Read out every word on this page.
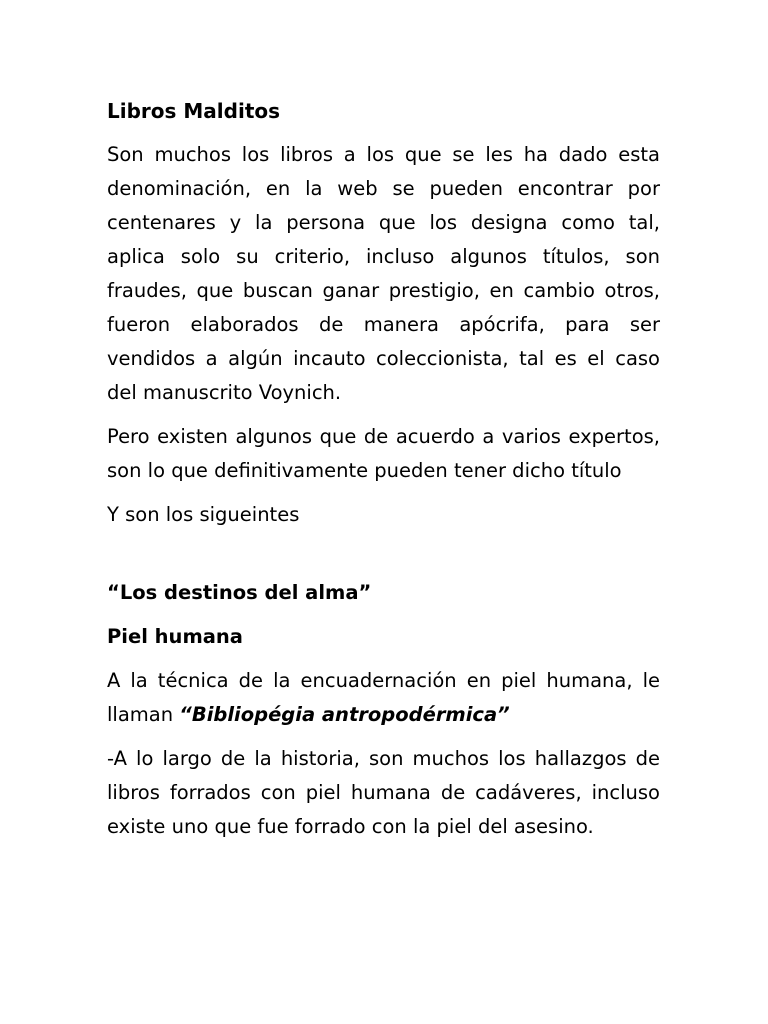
Libros Malditos

Son muchos los libros a los que se les ha dado esta denominación, en la web se pueden encontrar por centenares y la persona que los designa como tal, aplica solo su criterio, incluso algunos títulos, son fraudes, que buscan ganar prestigio, en cambio otros, fueron elaborados de manera apócrifa, para ser vendidos a algún incauto coleccionista, tal es el caso del manuscrito Voynich.

Pero existen algunos que de acuerdo a varios expertos, son lo que definitivamente pueden tener dicho título

Y son los sigueintes

“Los destinos del alma”
Piel humana

A la técnica de la encuadernación en piel humana, le llaman “Bibliopégia antropodérmica”

-A lo largo de la historia, son muchos los hallazgos de libros forrados con piel humana de cadáveres, incluso existe uno que fue forrado con la piel del asesino.
